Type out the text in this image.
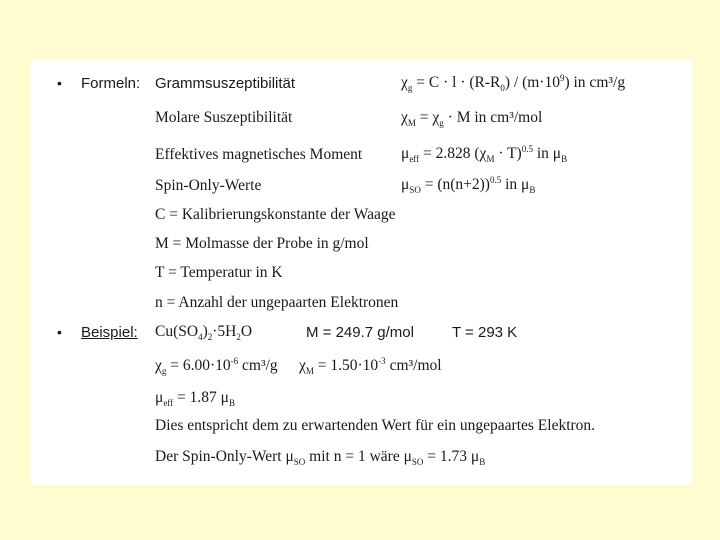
• Formeln: Grammsuszeptibilität	$\chi_g = C \cdot l \cdot (R-R_0) / (m\cdot 10^9)$ in cm³/g
Molare Suszeptibilität	$\chi_M = \chi_g \cdot M$ in cm³/mol
Effektives magnetisches Moment	$\mu_{eff} = 2.828$ $(\chi_M \cdot T)^{0.5}$ in $\mu_B$
Spin-Only-Werte	$\mu_{SO} = (n(n+2))^{0.5}$ in $\mu_B$
C = Kalibrierungskonstante der Waage
M = Molmasse der Probe in g/mol
T = Temperatur in K
n = Anzahl der ungepaarten Elektronen
• Beispiel: $Cu(SO_4)_2\cdot 5H_2O$	M = 249.7 g/mol	T = 293 K
$\chi_g = 6.00\cdot 10^{-6}$ cm³/g $\chi_M = 1.50\cdot 10^{-3}$ cm³/mol
$\mu_{eff} = 1.87$ $\mu_B$
Dies entspricht dem zu erwartenden Wert für ein ungepaartes Elektron.
Der Spin-Only-Wert $\mu_{SO}$ mit n = 1 wäre $\mu_{SO} = 1.73$ $\mu_B$
